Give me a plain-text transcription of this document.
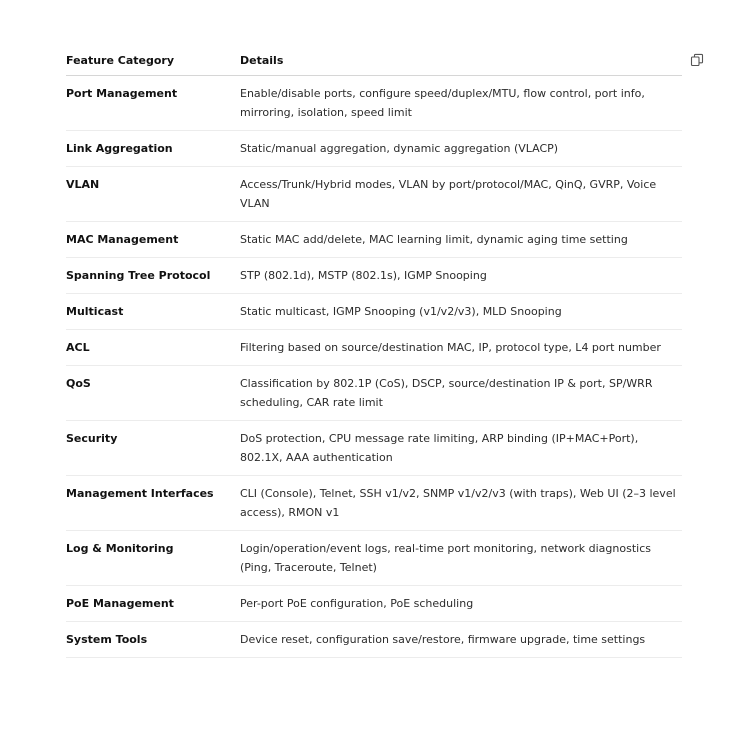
Feature Category	Details
Port Management	Enable/disable ports, configure speed/duplex/MTU, flow control, port info, mirroring, isolation, speed limit
Link Aggregation	Static/manual aggregation, dynamic aggregation (VLACP)
VLAN	Access/Trunk/Hybrid modes, VLAN by port/protocol/MAC, QinQ, GVRP, Voice VLAN
MAC Management	Static MAC add/delete, MAC learning limit, dynamic aging time setting
Spanning Tree Protocol	STP (802.1d), MSTP (802.1s), IGMP Snooping
Multicast	Static multicast, IGMP Snooping (v1/v2/v3), MLD Snooping
ACL	Filtering based on source/destination MAC, IP, protocol type, L4 port number
QoS	Classification by 802.1P (CoS), DSCP, source/destination IP & port, SP/WRR scheduling, CAR rate limit
Security	DoS protection, CPU message rate limiting, ARP binding (IP+MAC+Port), 802.1X, AAA authentication
Management Interfaces	CLI (Console), Telnet, SSH v1/v2, SNMP v1/v2/v3 (with traps), Web UI (2–3 level access), RMON v1
Log & Monitoring	Login/operation/event logs, real-time port monitoring, network diagnostics (Ping, Traceroute, Telnet)
PoE Management	Per-port PoE configuration, PoE scheduling
System Tools	Device reset, configuration save/restore, firmware upgrade, time settings
